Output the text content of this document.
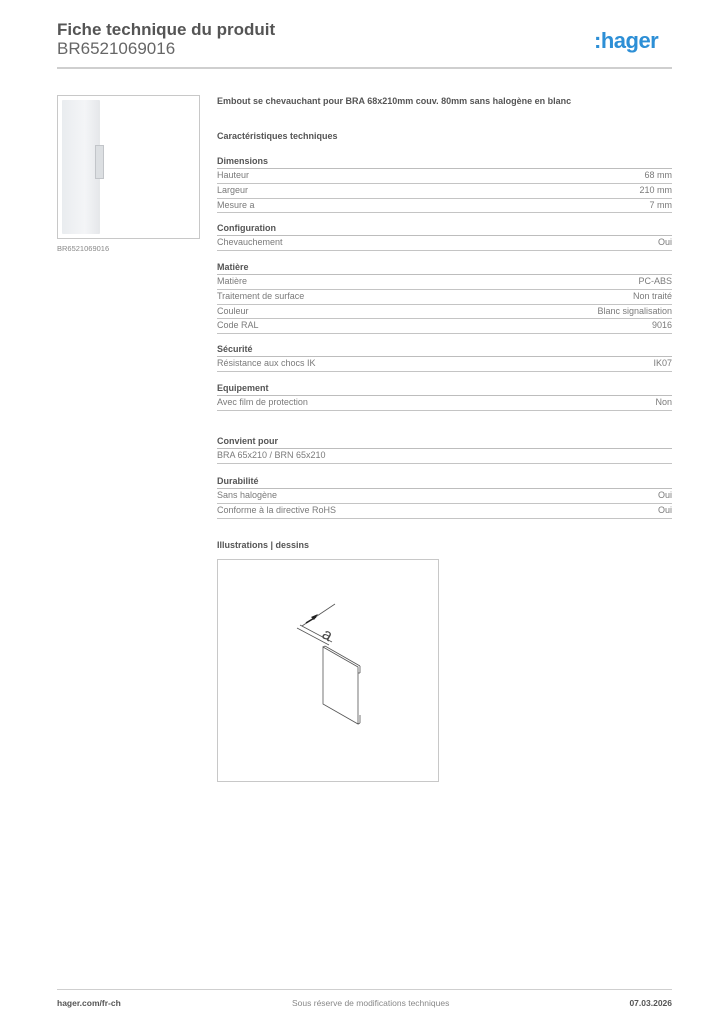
Fiche technique du produit
BR6521069016	:hager
BR6521069016
Embout se chevauchant pour BRA 68x210mm couv. 80mm sans halogène en blanc
Caractéristiques techniques
Dimensions
Hauteur	68 mm
Largeur	210 mm
Mesure a	7 mm
Configuration
Chevauchement	Oui
Matière
Matière	PC-ABS
Traitement de surface	Non traité
Couleur	Blanc signalisation
Code RAL	9016
Sécurité
Résistance aux chocs IK	IK07
Equipement
Avec film de protection	Non
Convient pour
BRA 65x210 / BRN 65x210
Durabilité
Sans halogène	Oui
Conforme à la directive RoHS	Oui
Illustrations | dessins
a
hager.com/fr-ch	Sous réserve de modifications techniques	07.03.2026
